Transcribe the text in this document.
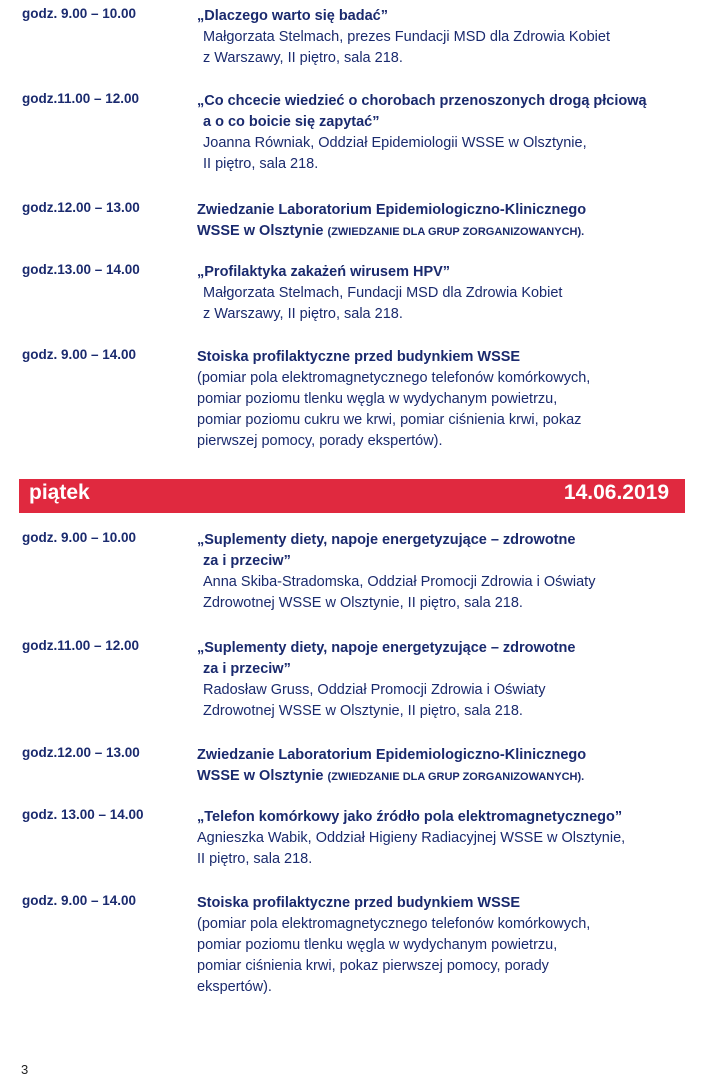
godz. 9.00 – 10.00	„Dlaczego warto się badać”
Małgorzata Stelmach, prezes Fundacji MSD dla Zdrowia Kobiet
z Warszawy, II piętro, sala 218.
godz.11.00 – 12.00	„Co chcecie wiedzieć o chorobach przenoszonych drogą płciową
a o co boicie się zapytać”
Joanna Równiak, Oddział Epidemiologii WSSE w Olsztynie,
II piętro, sala 218.
godz.12.00 – 13.00	Zwiedzanie Laboratorium Epidemiologiczno-Klinicznego
WSSE w Olsztynie (ZWIEDZANIE DLA GRUP ZORGANIZOWANYCH).
godz.13.00 – 14.00	„Profilaktyka zakażeń wirusem HPV”
Małgorzata Stelmach, Fundacji MSD dla Zdrowia Kobiet
z Warszawy, II piętro, sala 218.
godz. 9.00 – 14.00	Stoiska profilaktyczne przed budynkiem WSSE
(pomiar pola elektromagnetycznego telefonów komórkowych,
pomiar poziomu tlenku węgla w wydychanym powietrzu,
pomiar poziomu cukru we krwi, pomiar ciśnienia krwi, pokaz
pierwszej pomocy, porady ekspertów).
piątek	14.06.2019
godz. 9.00 – 10.00	„Suplementy diety, napoje energetyzujące – zdrowotne
za i przeciw”
Anna Skiba-Stradomska, Oddział Promocji Zdrowia i Oświaty
Zdrowotnej WSSE w Olsztynie, II piętro, sala 218.
godz.11.00 – 12.00	„Suplementy diety, napoje energetyzujące – zdrowotne
za i przeciw”
Radosław Gruss, Oddział Promocji Zdrowia i Oświaty
Zdrowotnej WSSE w Olsztynie, II piętro, sala 218.
godz.12.00 – 13.00	Zwiedzanie Laboratorium Epidemiologiczno-Klinicznego
WSSE w Olsztynie (ZWIEDZANIE DLA GRUP ZORGANIZOWANYCH).
godz. 13.00 – 14.00	„Telefon komórkowy jako źródło pola elektromagnetycznego”
Agnieszka Wabik, Oddział Higieny Radiacyjnej WSSE w Olsztynie,
II piętro, sala 218.
godz. 9.00 – 14.00	Stoiska profilaktyczne przed budynkiem WSSE
(pomiar pola elektromagnetycznego telefonów komórkowych,
pomiar poziomu tlenku węgla w wydychanym powietrzu,
pomiar ciśnienia krwi, pokaz pierwszej pomocy, porady
ekspertów).
3
